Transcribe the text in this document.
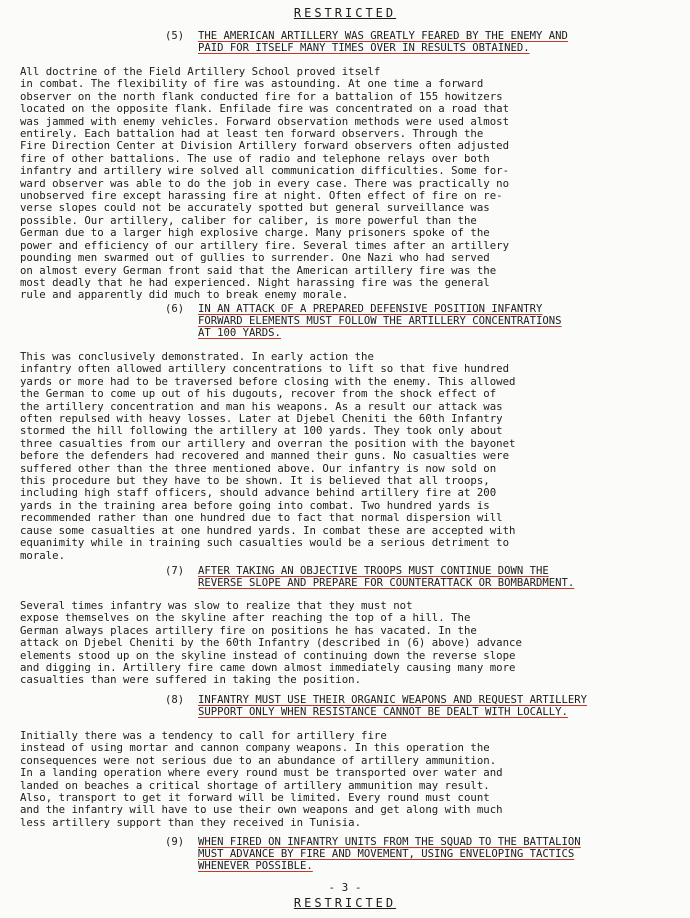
RESTRICTED
(5) THE AMERICAN ARTILLERY WAS GREATLY FEARED BY THE ENEMY AND
PAID FOR ITSELF MANY TIMES OVER IN RESULTS OBTAINED.

All doctrine of the Field Artillery School proved itself
in combat. The flexibility of fire was astounding. At one time a forward
observer on the north flank conducted fire for a battalion of 155 howitzers
located on the opposite flank. Enfilade fire was concentrated on a road that
was jammed with enemy vehicles. Forward observation methods were used almost
entirely. Each battalion had at least ten forward observers. Through the
Fire Direction Center at Division Artillery forward observers often adjusted
fire of other battalions. The use of radio and telephone relays over both
infantry and artillery wire solved all communication difficulties. Some for-
ward observer was able to do the job in every case. There was practically no
unobserved fire except harassing fire at night. Often effect of fire on re-
verse slopes could not be accurately spotted but general surveillance was
possible. Our artillery, caliber for caliber, is more powerful than the
German due to a larger high explosive charge. Many prisoners spoke of the
power and efficiency of our artillery fire. Several times after an artillery
pounding men swarmed out of gullies to surrender. One Nazi who had served
on almost every German front said that the American artillery fire was the
most deadly that he had experienced. Night harassing fire was the general
rule and apparently did much to break enemy morale.

(6) IN AN ATTACK OF A PREPARED DEFENSIVE POSITION INFANTRY
FORWARD ELEMENTS MUST FOLLOW THE ARTILLERY CONCENTRATIONS
AT 100 YARDS.

This was conclusively demonstrated. In early action the
infantry often allowed artillery concentrations to lift so that five hundred
yards or more had to be traversed before closing with the enemy. This allowed
the German to come up out of his dugouts, recover from the shock effect of
the artillery concentration and man his weapons. As a result our attack was
often repulsed with heavy losses. Later at Djebel Cheniti the 60th Infantry
stormed the hill following the artillery at 100 yards. They took only about
three casualties from our artillery and overran the position with the bayonet
before the defenders had recovered and manned their guns. No casualties were
suffered other than the three mentioned above. Our infantry is now sold on
this procedure but they have to be shown. It is believed that all troops,
including high staff officers, should advance behind artillery fire at 200
yards in the training area before going into combat. Two hundred yards is
recommended rather than one hundred due to fact that normal dispersion will
cause some casualties at one hundred yards. In combat these are accepted with
equanimity while in training such casualties would be a serious detriment to
morale.

(7) AFTER TAKING AN OBJECTIVE TROOPS MUST CONTINUE DOWN THE
REVERSE SLOPE AND PREPARE FOR COUNTERATTACK OR BOMBARDMENT.

Several times infantry was slow to realize that they must not
expose themselves on the skyline after reaching the top of a hill. The
German always places artillery fire on positions he has vacated. In the
attack on Djebel Cheniti by the 60th Infantry (described in (6) above) advance
elements stood up on the skyline instead of continuing down the reverse slope
and digging in. Artillery fire came down almost immediately causing many more
casualties than were suffered in taking the position.

(8) INFANTRY MUST USE THEIR ORGANIC WEAPONS AND REQUEST ARTILLERY
SUPPORT ONLY WHEN RESISTANCE CANNOT BE DEALT WITH LOCALLY.

Initially there was a tendency to call for artillery fire
instead of using mortar and cannon company weapons. In this operation the
consequences were not serious due to an abundance of artillery ammunition.
In a landing operation where every round must be transported over water and
landed on beaches a critical shortage of artillery ammunition may result.
Also, transport to get it forward will be limited. Every round must count
and the infantry will have to use their own weapons and get along with much
less artillery support than they received in Tunisia.

(9) WHEN FIRED ON INFANTRY UNITS FROM THE SQUAD TO THE BATTALION
MUST ADVANCE BY FIRE AND MOVEMENT, USING ENVELOPING TACTICS
WHENEVER POSSIBLE.
- 3 -
RESTRICTED
